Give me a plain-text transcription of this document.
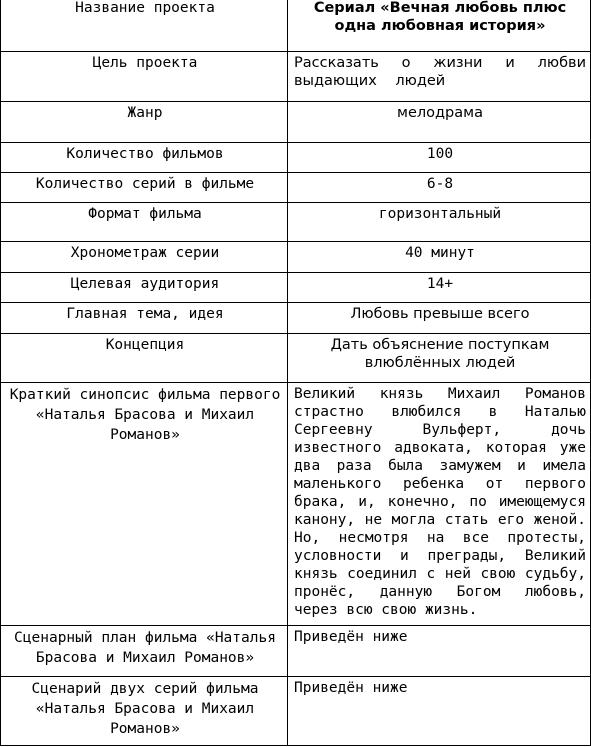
Название проекта	Сериал «Вечная любовь плюс одна любовная история»
Цель проекта	Рассказать о жизни и любви выдающих людей
Жанр	мелодрама
Количество фильмов	100
Количество серий в фильме	6-8
Формат фильма	горизонтальный
Хронометраж серии	40 минут
Целевая аудитория	14+
Главная тема, идея	Любовь превыше всего
Концепция	Дать объяснение поступкам влюблённых людей
Краткий синопсис фильма первого «Наталья Брасова и Михаил Романов»	Великий князь Михаил Романов страстно влюбился в Наталью Сергеевну Вульферт, дочь известного адвоката, которая уже два раза была замужем и имела маленького ребенка от первого брака, и, конечно, по имеющемуся канону, не могла стать его женой. Но, несмотря на все протесты, условности и преграды, Великий князь соединил с ней свою судьбу, пронёс, данную Богом любовь, через всю свою жизнь.
Сценарный план фильма «Наталья Брасова и Михаил Романов»	Приведён ниже
Сценарий двух серий фильма «Наталья Брасова и Михаил Романов»	Приведён ниже
